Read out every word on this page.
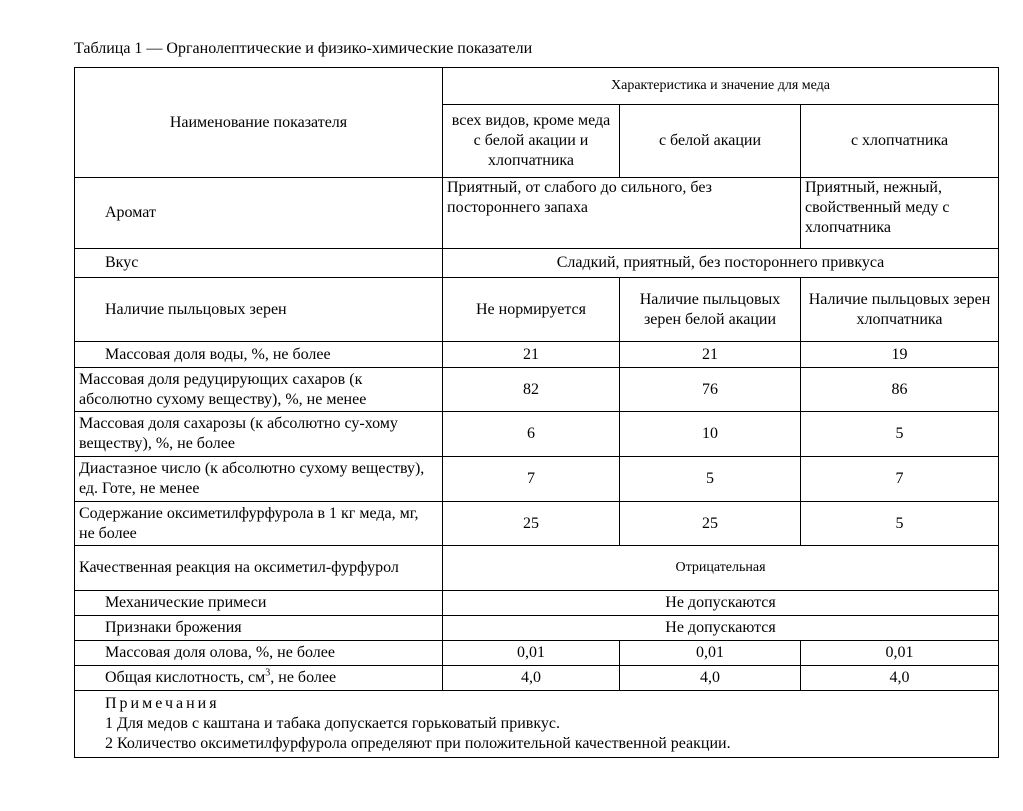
Таблица 1 — Органолептические и физико-химические показатели
Наименование показателя	Характеристика и значение для меда		
	всех видов, кроме меда с белой акации и хлопчатника	с белой акации	с хлопчатника
Аромат	Приятный, от слабого до сильного, без постороннего запаха		Приятный, нежный, свойственный меду с хлопчатника
Вкус	Сладкий, приятный, без постороннего привкуса		
Наличие пыльцовых зерен	Не нормируется	Наличие пыльцовых зерен белой акации	Наличие пыльцовых зерен хлопчатника
Массовая доля воды, %, не более	21	21	19
Массовая доля редуцирующих сахаров (к абсолютно сухому веществу), %, не менее	82	76	86
Массовая доля сахарозы (к абсолютно су-хому веществу), %, не более	6	10	5
Диастазное число (к абсолютно сухому веществу), ед. Готе, не менее	7	5	7
Содержание оксиметилфурфурола в 1 кг меда, мг, не более	25	25	5
Качественная реакция на оксиметил-фурфурол	Отрицательная		
Механические примеси	Не допускаются		
Признаки брожения	Не допускаются		
Массовая доля олова, %, не более	0,01	0,01	0,01
Общая кислотность, $см^3$, не более	4,0	4,0	4,0

Примечания
1 Для медов с каштана и табака допускается горьковатый привкус.
2 Количество оксиметилфурфурола определяют при положительной качественной реакции.			
